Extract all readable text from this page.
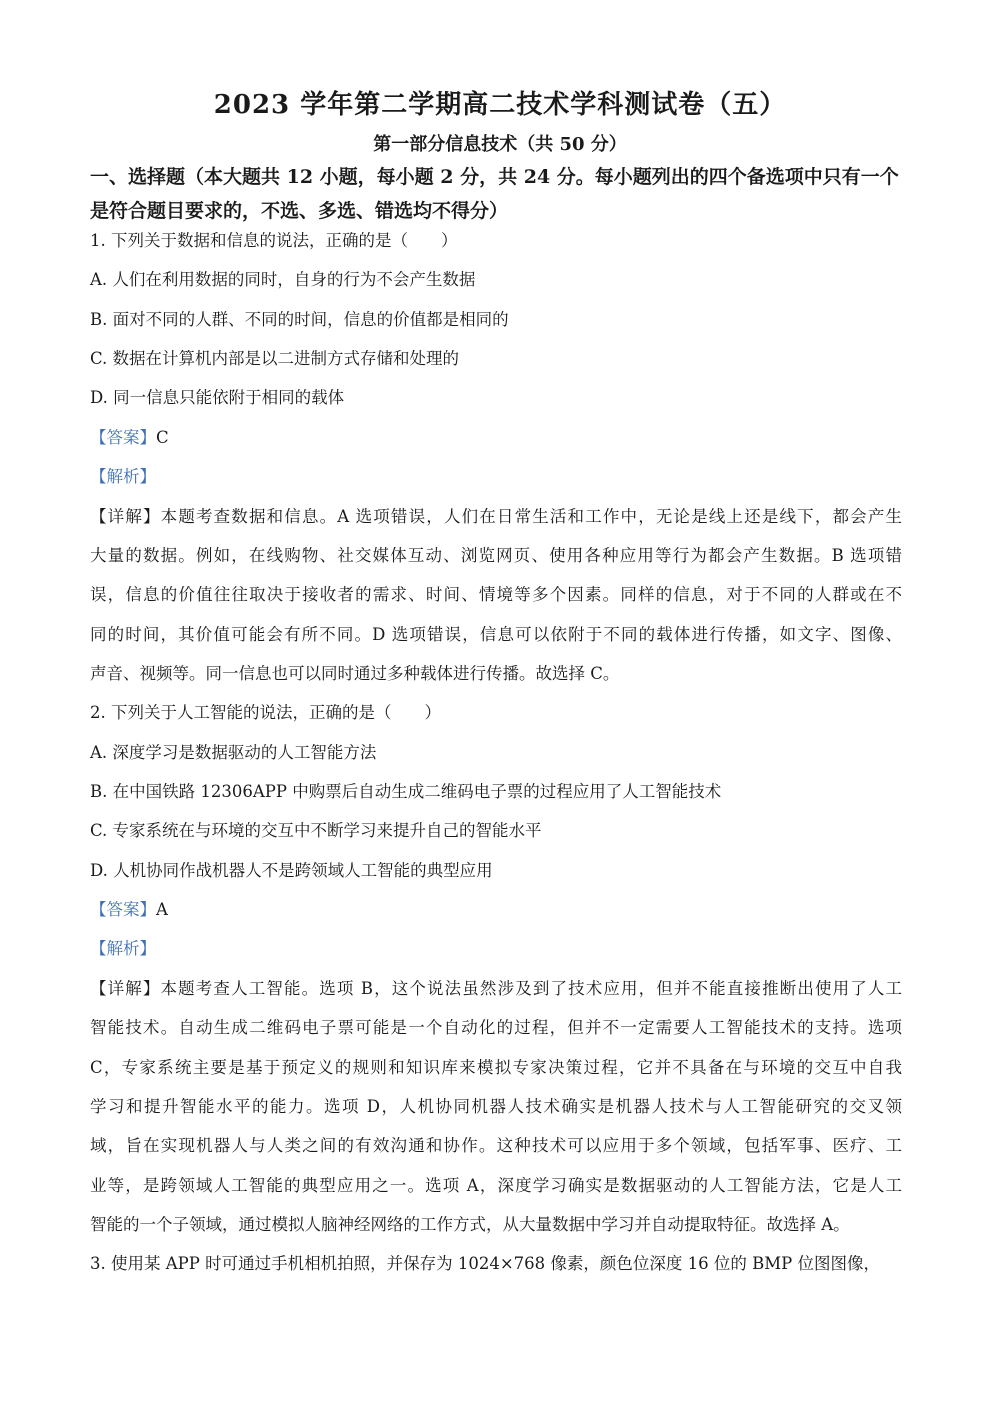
2023 学年第二学期高二技术学科测试卷（五）
第一部分信息技术（共 50 分）
一、选择题（本大题共 12 小题，每小题 2 分，共 24 分。每小题列出的四个备选项中只有一个是符合题目要求的，不选、多选、错选均不得分）
1. 下列关于数据和信息的说法，正确的是（　　）
A. 人们在利用数据的同时，自身的行为不会产生数据
B. 面对不同的人群、不同的时间，信息的价值都是相同的
C. 数据在计算机内部是以二进制方式存储和处理的
D. 同一信息只能依附于相同的载体
【答案】C
【解析】
【详解】本题考查数据和信息。A 选项错误，人们在日常生活和工作中，无论是线上还是线下，都会产生
大量的数据。例如，在线购物、社交媒体互动、浏览网页、使用各种应用等行为都会产生数据。B 选项错
误，信息的价值往往取决于接收者的需求、时间、情境等多个因素。同样的信息，对于不同的人群或在不
同的时间，其价值可能会有所不同。D 选项错误，信息可以依附于不同的载体进行传播，如文字、图像、
声音、视频等。同一信息也可以同时通过多种载体进行传播。故选择 C。
2. 下列关于人工智能的说法，正确的是（　　）
A. 深度学习是数据驱动的人工智能方法
B. 在中国铁路 12306APP 中购票后自动生成二维码电子票的过程应用了人工智能技术
C. 专家系统在与环境的交互中不断学习来提升自己的智能水平
D. 人机协同作战机器人不是跨领域人工智能的典型应用
【答案】A
【解析】
【详解】本题考查人工智能。选项 B，这个说法虽然涉及到了技术应用，但并不能直接推断出使用了人工
智能技术。自动生成二维码电子票可能是一个自动化的过程，但并不一定需要人工智能技术的支持。选项
C，专家系统主要是基于预定义的规则和知识库来模拟专家决策过程，它并不具备在与环境的交互中自我
学习和提升智能水平的能力。选项 D，人机协同机器人技术确实是机器人技术与人工智能研究的交叉领
域，旨在实现机器人与人类之间的有效沟通和协作。这种技术可以应用于多个领域，包括军事、医疗、工
业等，是跨领域人工智能的典型应用之一。选项 A，深度学习确实是数据驱动的人工智能方法，它是人工
智能的一个子领域，通过模拟人脑神经网络的工作方式，从大量数据中学习并自动提取特征。故选择 A。
3. 使用某 APP 时可通过手机相机拍照，并保存为 1024×768 像素，颜色位深度 16 位的 BMP 位图图像，
